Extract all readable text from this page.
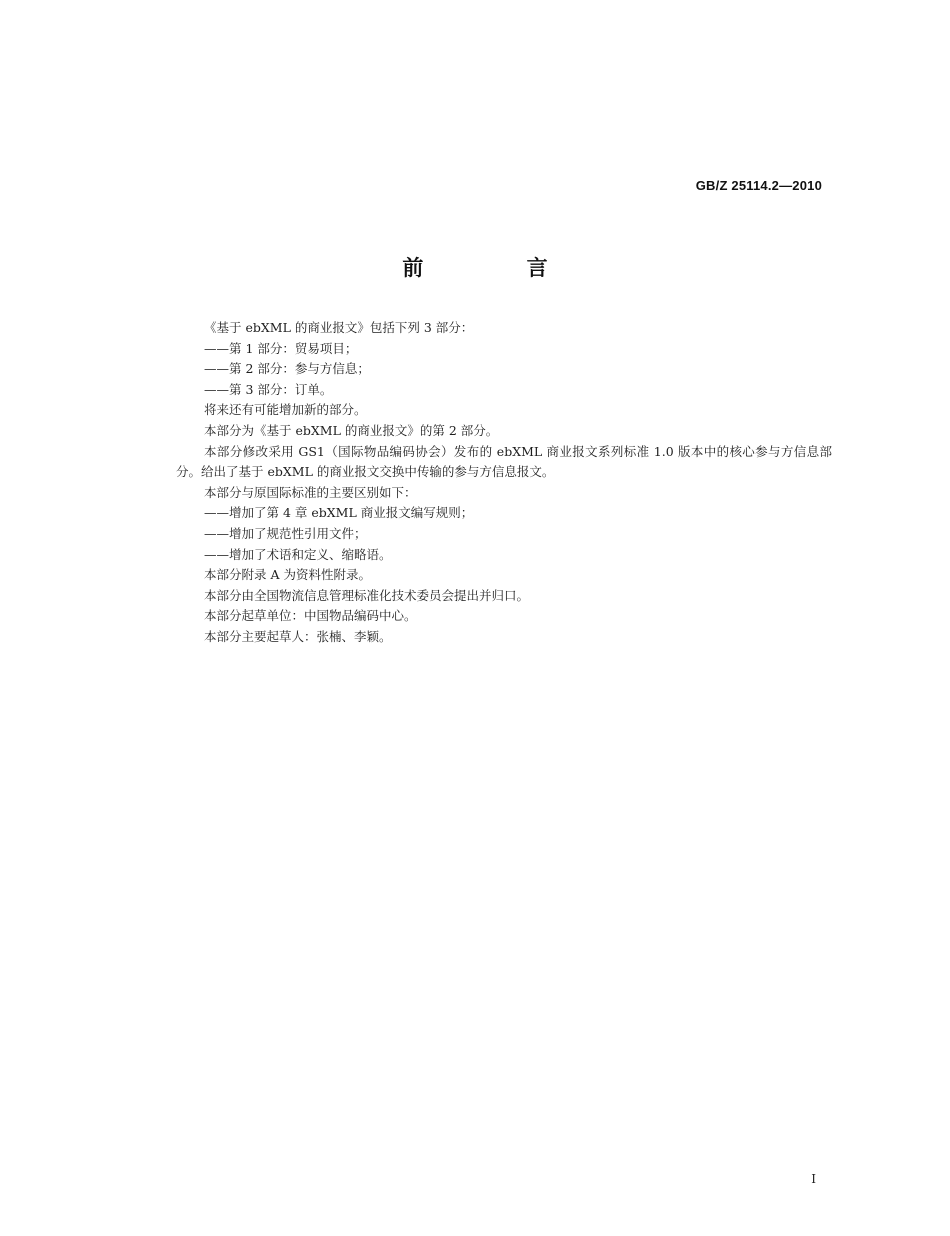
GB/Z 25114.2—2010
前 言

《基于 ebXML 的商业报文》包括下列 3 部分：

——第 1 部分：贸易项目；

——第 2 部分：参与方信息；

——第 3 部分：订单。

将来还有可能增加新的部分。

本部分为《基于 ebXML 的商业报文》的第 2 部分。

本部分修改采用 GS1（国际物品编码协会）发布的 ebXML 商业报文系列标准 1.0 版本中的核心参与方信息部分。给出了基于 ebXML 的商业报文交换中传输的参与方信息报文。

本部分与原国际标准的主要区别如下：

——增加了第 4 章 ebXML 商业报文编写规则；

——增加了规范性引用文件；

——增加了术语和定义、缩略语。

本部分附录 A 为资料性附录。

本部分由全国物流信息管理标准化技术委员会提出并归口。

本部分起草单位：中国物品编码中心。

本部分主要起草人：张楠、李颖。

I
